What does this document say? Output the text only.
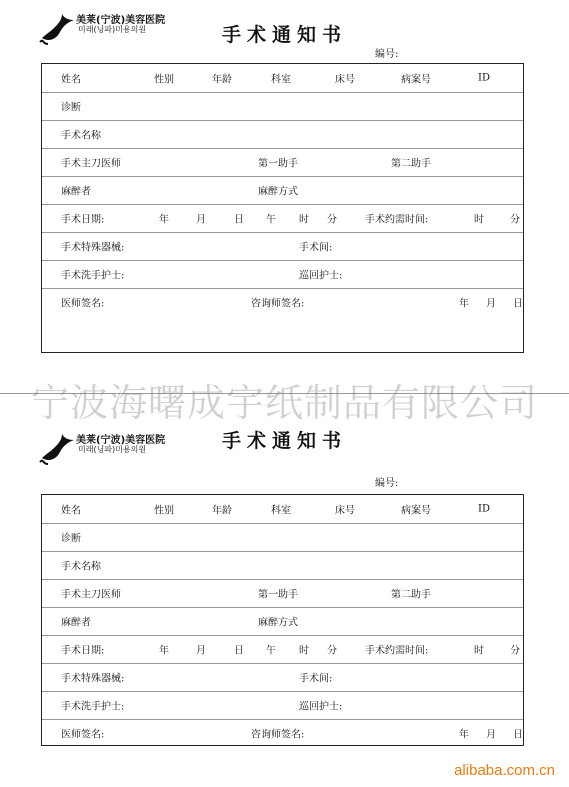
美莱(宁波)美容医院
미래(닝파)미용의원	手术通知书
编号:
姓名	性别	年龄	科室	床号	病案号	ID
诊断
手术名称
手术主刀医师	第一助手	第二助手
麻醉者	麻醉方式
手术日期:	年	月	日 午 时 分	手术约需时间:	时	分
手术特殊器械:	手术间:
手术洗手护士:	巡回护士:
医师签名:	咨询师签名:	年 月 日
美莱(宁波)美容医院
미래(닝파)미용의원	手术通知书
编号:
姓名	性别	年龄	科室	床号	病案号	ID
诊断
手术名称
手术主刀医师	第一助手	第二助手
麻醉者	麻醉方式
手术日期:	年	月	日 午 时 分	手术约需时间:	时	分
手术特殊器械:	手术间:
手术洗手护士:	巡回护士:
医师签名:	咨询师签名:	年 月 日
宁波海曙成宇纸制品有限公司
alibaba.com.cn
